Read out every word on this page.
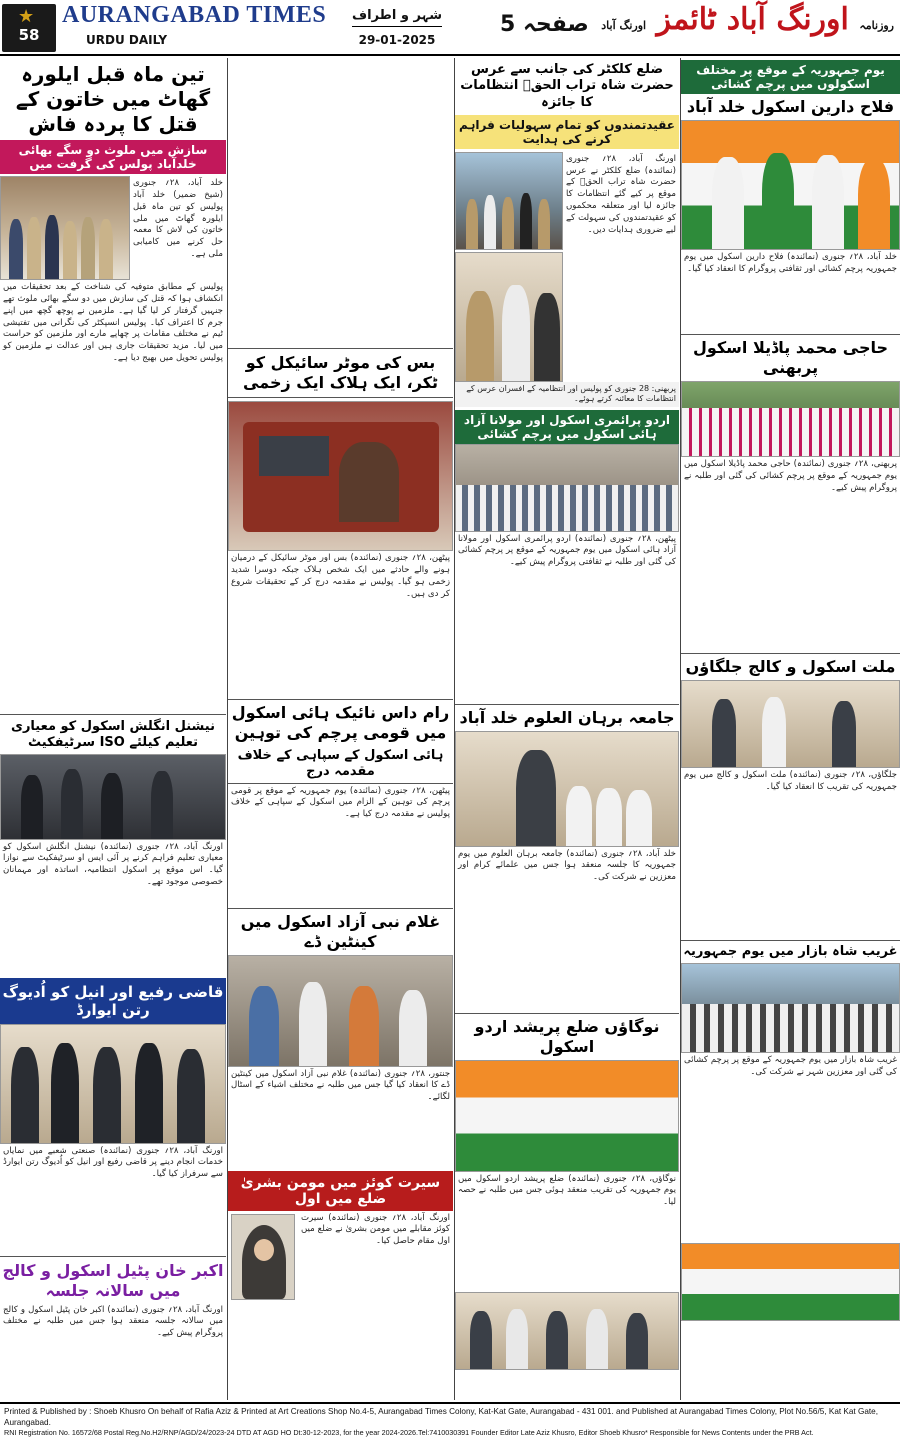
★
58
AURANGABAD TIMES
URDU DAILY
شہر و اطراف
29-01-2025
صفحہ 5	روزنامہ اورنگ آباد ٹائمز اورنگ آباد
تین ماہ قبل ایلورہ گھاٹ میں خاتون کے قتل کا پردہ فاش
سازش میں ملوث دو سگے بھائی خلدآباد پولس کی گرفت میں
خلد آباد، ۲۸؍ جنوری (شیخ ضمیر) خلد آباد پولیس کو تین ماہ قبل ایلورہ گھاٹ میں ملی خاتون کی لاش کا معمہ حل کرنے میں کامیابی ملی ہے۔
پولیس کے مطابق متوفیہ کی شناخت کے بعد تحقیقات میں انکشاف ہوا کہ قتل کی سازش میں دو سگے بھائی ملوث تھے جنہیں گرفتار کر لیا گیا ہے۔ ملزمین نے پوچھ گچھ میں اپنے جرم کا اعتراف کیا۔ پولیس انسپکٹر کی نگرانی میں تفتیشی ٹیم نے مختلف مقامات پر چھاپے مارے اور ملزمین کو حراست میں لیا۔ مزید تحقیقات جاری ہیں اور عدالت نے ملزمین کو پولیس تحویل میں بھیج دیا ہے۔
نیشنل انگلش اسکول کو معیاری تعلیم کیلئے ISO سرٹیفکیٹ
اورنگ آباد، ۲۸؍ جنوری (نمائندہ) نیشنل انگلش اسکول کو معیاری تعلیم فراہم کرنے پر آئی ایس او سرٹیفکیٹ سے نوازا گیا۔ اس موقع پر اسکول انتظامیہ، اساتذہ اور مہمانان خصوصی موجود تھے۔
قاضی رفیع اور انیل کو اُدیوگ رتن ایوارڈ
اورنگ آباد، ۲۸؍ جنوری (نمائندہ) صنعتی شعبے میں نمایاں خدمات انجام دینے پر قاضی رفیع اور انیل کو اُدیوگ رتن ایوارڈ سے سرفراز کیا گیا۔
اکبر خان پٹیل اسکول و کالج میں سالانہ جلسہ
اورنگ آباد، ۲۸؍ جنوری (نمائندہ) اکبر خان پٹیل اسکول و کالج میں سالانہ جلسہ منعقد ہوا جس میں طلبہ نے مختلف پروگرام پیش کیے۔
بس کی موٹر سائیکل کو ٹکر، ایک ہلاک ایک زخمی
پیٹھن، ۲۸؍ جنوری (نمائندہ) بس اور موٹر سائیکل کے درمیان ہونے والے حادثے میں ایک شخص ہلاک جبکہ دوسرا شدید زخمی ہو گیا۔ پولیس نے مقدمہ درج کر کے تحقیقات شروع کر دی ہیں۔
رام داس نائیک ہائی اسکول میں قومی پرچم کی توہین
ہائی اسکول کے سپاہی کے خلاف مقدمہ درج
پیٹھن، ۲۸؍ جنوری (نمائندہ) یوم جمہوریہ کے موقع پر قومی پرچم کی توہین کے الزام میں اسکول کے سپاہی کے خلاف پولیس نے مقدمہ درج کیا ہے۔
غلام نبی آزاد اسکول میں کینٹین ڈے
جنتور، ۲۸؍ جنوری (نمائندہ) غلام نبی آزاد اسکول میں کینٹین ڈے کا انعقاد کیا گیا جس میں طلبہ نے مختلف اشیاء کے اسٹال لگائے۔
سیرت کوئز میں مومن بشریٰ ضلع میں اول
اورنگ آباد، ۲۸؍ جنوری (نمائندہ) سیرت کوئز مقابلے میں مومن بشریٰ نے ضلع میں اول مقام حاصل کیا۔
ضلع کلکٹر کی جانب سے عرس حضرت شاہ تراب الحقؒ انتظامات کا جائزہ
عقیدتمندوں کو تمام سہولیات فراہم کرنے کی ہدایت
اورنگ آباد، ۲۸؍ جنوری (نمائندہ) ضلع کلکٹر نے عرس حضرت شاہ تراب الحقؒ کے موقع پر کیے گئے انتظامات کا جائزہ لیا اور متعلقہ محکموں کو عقیدتمندوں کی سہولت کے لیے ضروری ہدایات دیں۔
پربھنی: 28 جنوری کو پولیس اور انتظامیہ کے افسران عرس کے انتظامات کا معائنہ کرتے ہوئے۔
اردو پرائمری اسکول اور مولانا آزاد ہائی اسکول میں پرچم کشائی
پیٹھن، ۲۸؍ جنوری (نمائندہ) اردو پرائمری اسکول اور مولانا آزاد ہائی اسکول میں یوم جمہوریہ کے موقع پر پرچم کشائی کی گئی اور طلبہ نے ثقافتی پروگرام پیش کیے۔
جامعہ برہان العلوم خلد آباد
خلد آباد، ۲۸؍ جنوری (نمائندہ) جامعہ برہان العلوم میں یوم جمہوریہ کا جلسہ منعقد ہوا جس میں علمائے کرام اور معززین نے شرکت کی۔
نوگاؤں ضلع پریشد اردو اسکول
نوگاؤں، ۲۸؍ جنوری (نمائندہ) ضلع پریشد اردو اسکول میں یوم جمہوریہ کی تقریب منعقد ہوئی جس میں طلبہ نے حصہ لیا۔
یوم جمہوریہ کے موقع پر مختلف اسکولوں میں پرچم کشائی
فلاح دارین اسکول خلد آباد
خلد آباد، ۲۸؍ جنوری (نمائندہ) فلاح دارین اسکول میں یوم جمہوریہ پرچم کشائی اور ثقافتی پروگرام کا انعقاد کیا گیا۔
حاجی محمد پاڈیلا اسکول پربھنی
پربھنی، ۲۸؍ جنوری (نمائندہ) حاجی محمد پاڈیلا اسکول میں یوم جمہوریہ کے موقع پر پرچم کشائی کی گئی اور طلبہ نے پروگرام پیش کیے۔
ملت اسکول و کالج جلگاؤں
جلگاؤں، ۲۸؍ جنوری (نمائندہ) ملت اسکول و کالج میں یوم جمہوریہ کی تقریب کا انعقاد کیا گیا۔
غریب شاہ بازار میں یوم جمہوریہ
غریب شاہ بازار میں یوم جمہوریہ کے موقع پر پرچم کشائی کی گئی اور معززین شہر نے شرکت کی۔
Printed & Published by : Shoeb Khusro On behalf of Rafia Aziz & Printed at Art Creations Shop No.4-5, Aurangabad Times Colony, Kat-Kat Gate, Aurangabad - 431 001. and Published at Aurangabad Times Colony, Plot No.56/5, Kat Kat Gate, Aurangabad.
RNI Registration No. 16572/68 Postal Reg.No.H2/RNP/AGD/24/2023-24 DTD AT AGD HO Dt:30-12-2023, for the year 2024-2026.Tel:7410030391 Founder Editor Late Aziz Khusro, Editor Shoeb Khusro* Responsible for News Contents under the PRB Act.
